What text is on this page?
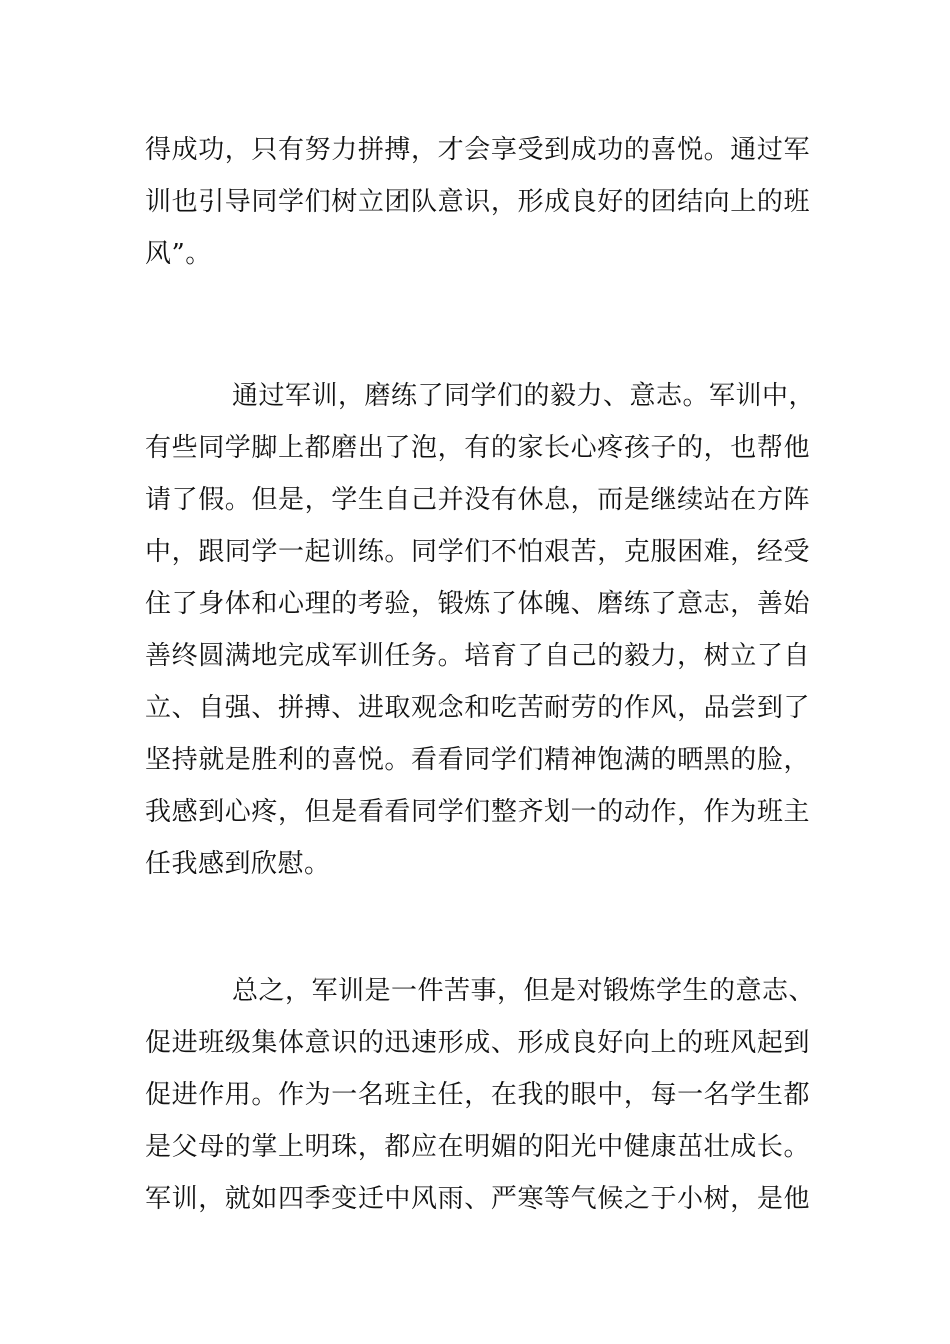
得成功，只有努力拼搏，才会享受到成功的喜悦。通过军
训也引导同学们树立团队意识，形成良好的团结向上的班
风”。
通过军训，磨练了同学们的毅力、意志。军训中，
有些同学脚上都磨出了泡，有的家长心疼孩子的，也帮他
请了假。但是，学生自己并没有休息，而是继续站在方阵
中，跟同学一起训练。同学们不怕艰苦，克服困难，经受
住了身体和心理的考验，锻炼了体魄、磨练了意志，善始
善终圆满地完成军训任务。培育了自己的毅力，树立了自
立、自强、拼搏、进取观念和吃苦耐劳的作风，品尝到了
坚持就是胜利的喜悦。看看同学们精神饱满的晒黑的脸，
我感到心疼，但是看看同学们整齐划一的动作，作为班主
任我感到欣慰。
总之，军训是一件苦事，但是对锻炼学生的意志、
促进班级集体意识的迅速形成、形成良好向上的班风起到
促进作用。作为一名班主任，在我的眼中，每一名学生都
是父母的掌上明珠，都应在明媚的阳光中健康茁壮成长。
军训，就如四季变迁中风雨、严寒等气候之于小树，是他
